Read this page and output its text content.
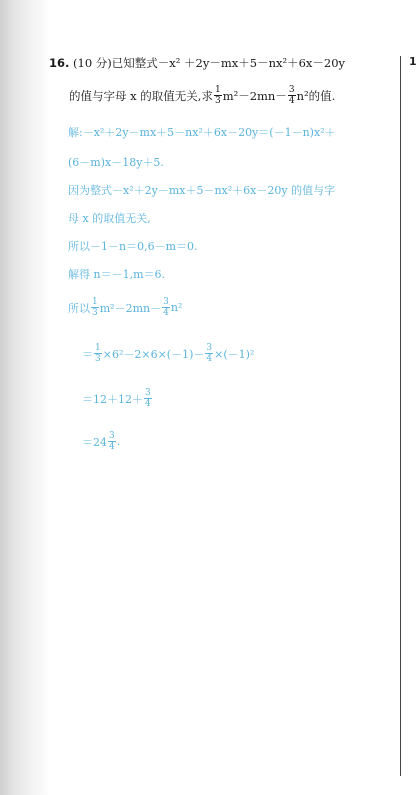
1
16. (10 分)已知整式－x² ＋2y－mx＋5－nx²＋6x－20y
的值与字母 x 的取值无关,求 $\frac{1}{3} m^2-2mn- \frac{3}{4} n^2$的值.
解:－x²＋2y－mx＋5－nx²＋6x－20y＝(－1－n)x²＋
(6－m)x－18y＋5.
因为整式－x²＋2y－mx＋5－nx²＋6x－20y 的值与字
母 x 的取值无关,
所以－1－n＝0,6－m＝0.
解得 n＝－1,m＝6.
所以 $\frac{1}{3} m^2-2mn- \frac{3}{4} n^2$
＝ $\frac{1}{3} \times 6^2-2\times 6\times(-1)- \frac{3}{4} \times(-1)^2$
$=12+12+ \frac{3}{4}$
$=24 \frac{3}{4}$ .
